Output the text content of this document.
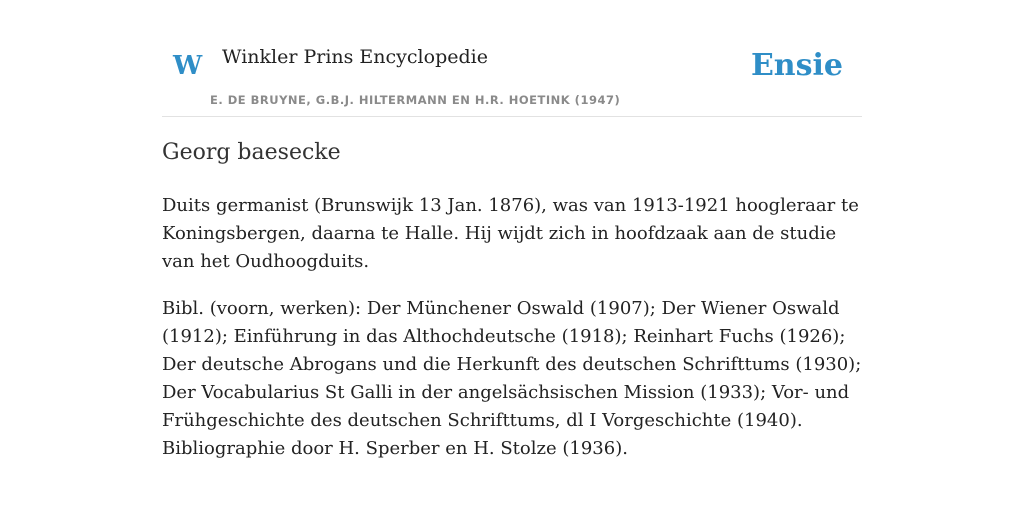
W Winkler Prins Encyclopedie
E. DE BRUYNE, G.B.J. HILTERMANN EN H.R. HOETINK (1947)
Ensie
Georg baesecke

Duits germanist (Brunswijk 13 Jan. 1876), was van 1913-1921 hoogleraar te Koningsbergen, daarna te Halle. Hij wijdt zich in hoofdzaak aan de studie van het Oudhoogduits.

Bibl. (voorn, werken): Der Münchener Oswald (1907); Der Wiener Oswald (1912); Einführung in das Althochdeutsche (1918); Reinhart Fuchs (1926); Der deutsche Abrogans und die Herkunft des deutschen Schrifttums (1930); Der Vocabularius St Galli in der angelsächsischen Mission (1933); Vor- und Frühgeschichte des deutschen Schrifttums, dl I Vorgeschichte (1940). Bibliographie door H. Sperber en H. Stolze (1936).
